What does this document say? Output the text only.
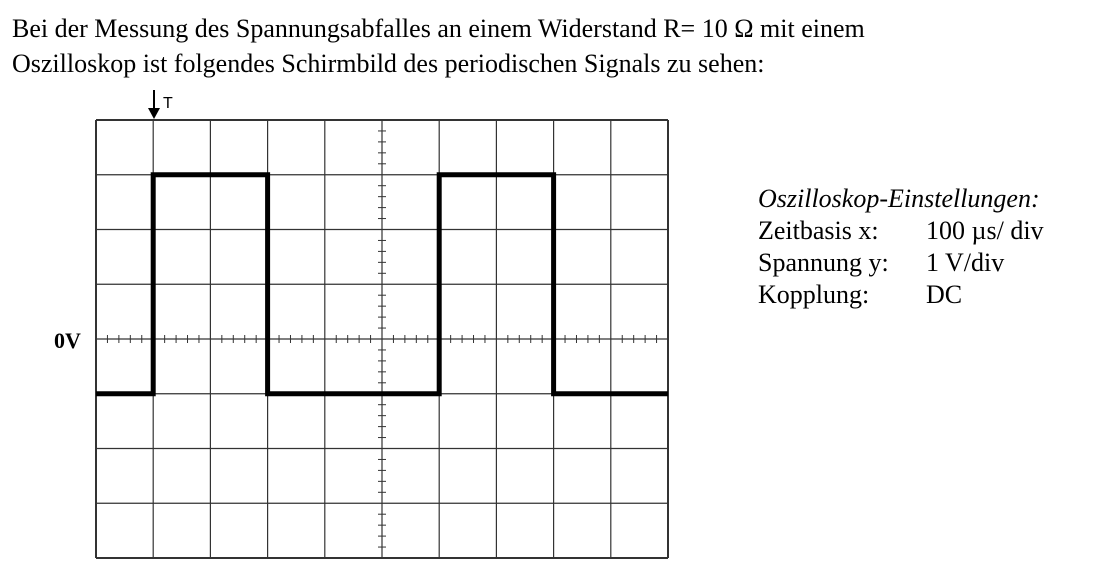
Bei der Messung des Spannungsabfalles an einem Widerstand R= 10 Ω mit einem
Oszilloskop ist folgendes Schirmbild des periodischen Signals zu sehen:
0V
T
Oszilloskop-Einstellungen:
Zeitbasis x:	100 µs/ div
Spannung y:	1 V/div
Kopplung:	DC
